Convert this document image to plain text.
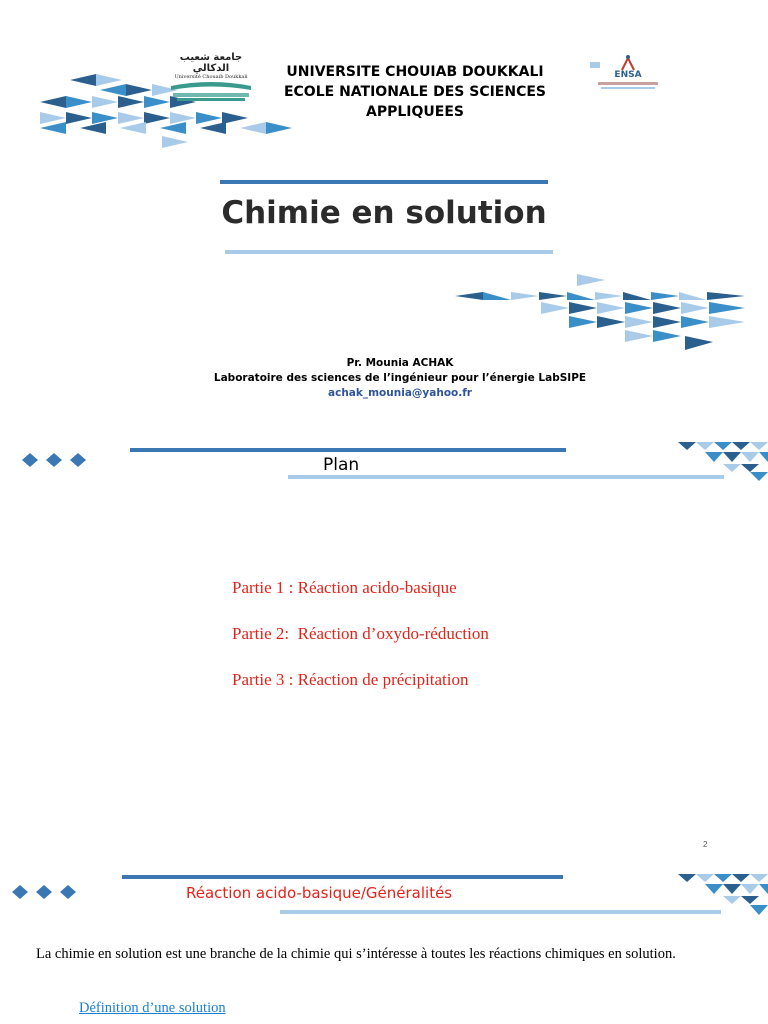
جامعة شعيب الدكالي
Université Chouaib Doukkali	UNIVERSITE CHOUIAB DOUKKALI
ECOLE NATIONALE DES SCIENCES
APPLIQUEES
ENSA
Chimie en solution
Pr. Mounia ACHAK
Laboratoire des sciences de l’ingénieur pour l’énergie LabSIPE
achak_mounia@yahoo.fr
Plan
Partie 1 : Réaction acido-basique
Partie 2:  Réaction d’oxydo-réduction
Partie 3 : Réaction de précipitation
2
Réaction acido-basique/Généralités
La chimie en solution est une branche de la chimie qui s’intéresse à toutes les réactions chimiques en solution.
Définition d’une solution
